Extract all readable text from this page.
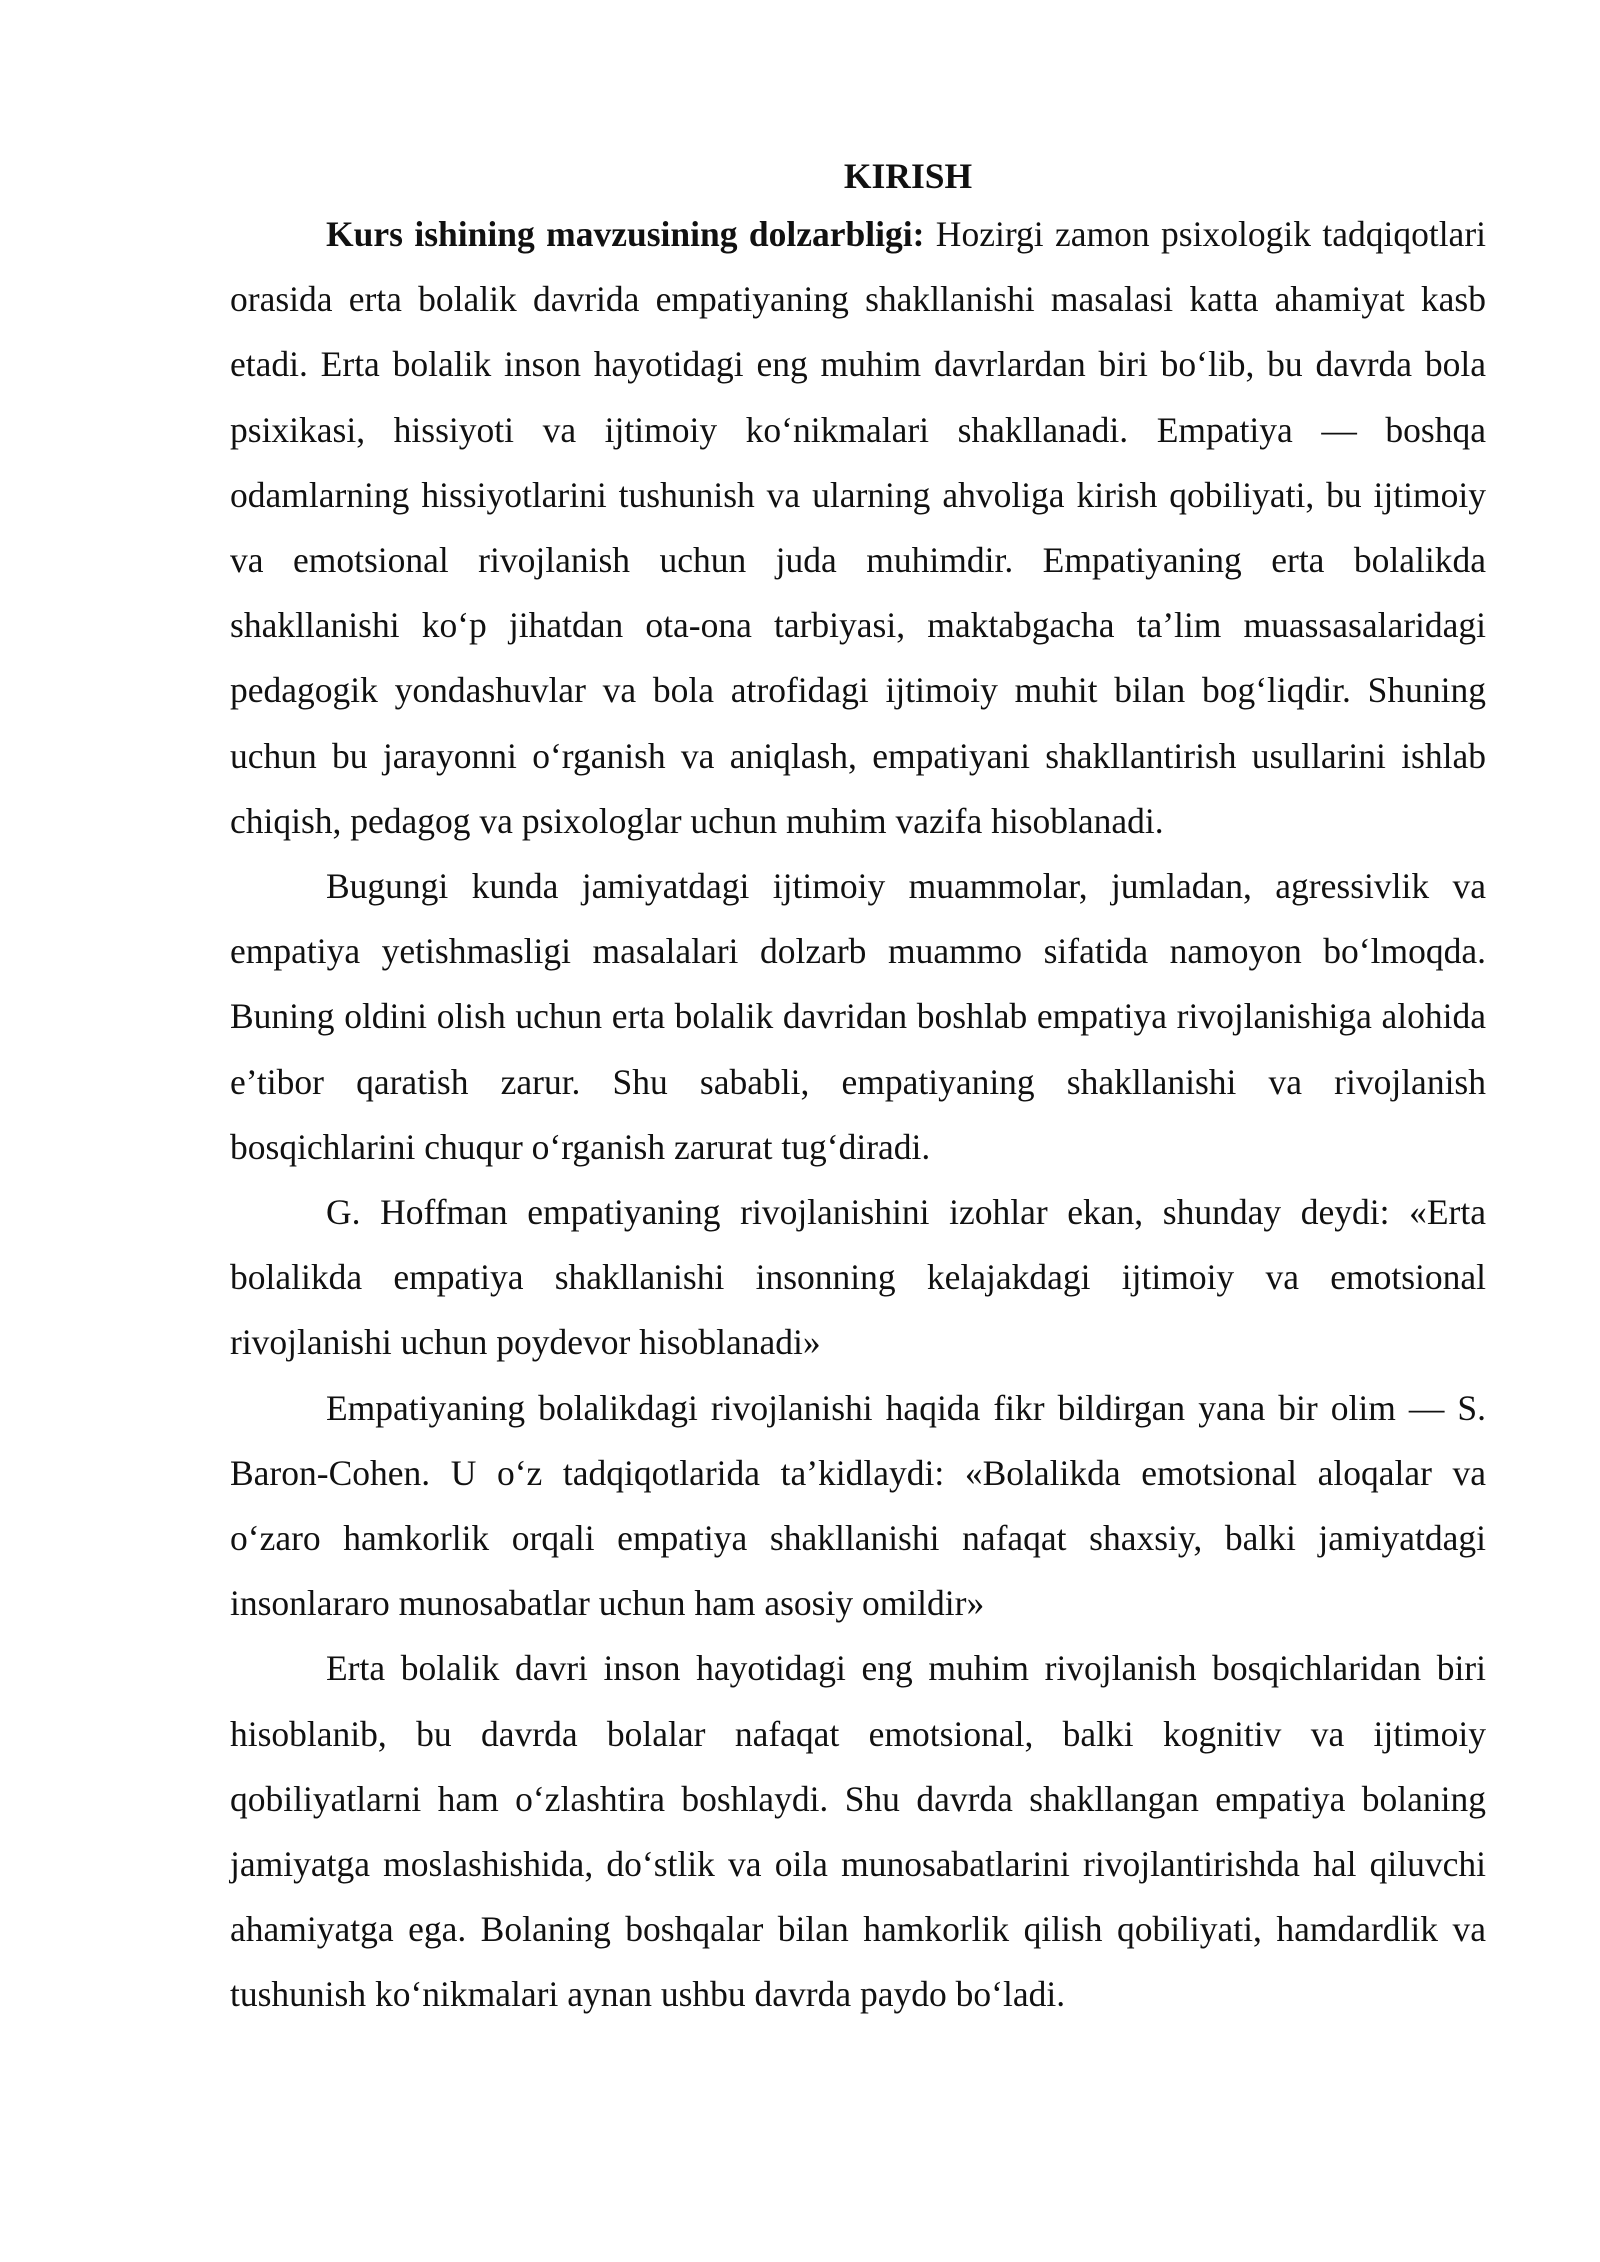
KIRISH

Kurs ishining mavzusining dolzarbligi: Hozirgi zamon psixologik tadqiqotlari orasida erta bolalik davrida empatiyaning shakllanishi masalasi katta ahamiyat kasb etadi. Erta bolalik inson hayotidagi eng muhim davrlardan biri bo‘lib, bu davrda bola psixikasi, hissiyoti va ijtimoiy ko‘nikmalari shakllanadi. Empatiya — boshqa odamlarning hissiyotlarini tushunish va ularning ahvoliga kirish qobiliyati, bu ijtimoiy va emotsional rivojlanish uchun juda muhimdir. Empatiyaning erta bolalikda shakllanishi ko‘p jihatdan ota-ona tarbiyasi, maktabgacha ta’lim muassasalaridagi pedagogik yondashuvlar va bola atrofidagi ijtimoiy muhit bilan bog‘liqdir. Shuning uchun bu jarayonni o‘rganish va aniqlash, empatiyani shakllantirish usullarini ishlab chiqish, pedagog va psixologlar uchun muhim vazifa hisoblanadi.

Bugungi kunda jamiyatdagi ijtimoiy muammolar, jumladan, agressivlik va empatiya yetishmasligi masalalari dolzarb muammo sifatida namoyon bo‘lmoqda. Buning oldini olish uchun erta bolalik davridan boshlab empatiya rivojlanishiga alohida e’tibor qaratish zarur. Shu sababli, empatiyaning shakllanishi va rivojlanish bosqichlarini chuqur o‘rganish zarurat tug‘diradi.

G. Hoffman empatiyaning rivojlanishini izohlar ekan, shunday deydi: «Erta bolalikda empatiya shakllanishi insonning kelajakdagi ijtimoiy va emotsional rivojlanishi uchun poydevor hisoblanadi»

Empatiyaning bolalikdagi rivojlanishi haqida fikr bildirgan yana bir olim — S. Baron-Cohen. U o‘z tadqiqotlarida ta’kidlaydi: «Bolalikda emotsional aloqalar va o‘zaro hamkorlik orqali empatiya shakllanishi nafaqat shaxsiy, balki jamiyatdagi insonlararo munosabatlar uchun ham asosiy omildir»

Erta bolalik davri inson hayotidagi eng muhim rivojlanish bosqichlaridan biri hisoblanib, bu davrda bolalar nafaqat emotsional, balki kognitiv va ijtimoiy qobiliyatlarni ham o‘zlashtira boshlaydi. Shu davrda shakllangan empatiya bolaning jamiyatga moslashishida, do‘stlik va oila munosabatlarini rivojlantirishda hal qiluvchi ahamiyatga ega. Bolaning boshqalar bilan hamkorlik qilish qobiliyati, hamdardlik va tushunish ko‘nikmalari aynan ushbu davrda paydo bo‘ladi.
